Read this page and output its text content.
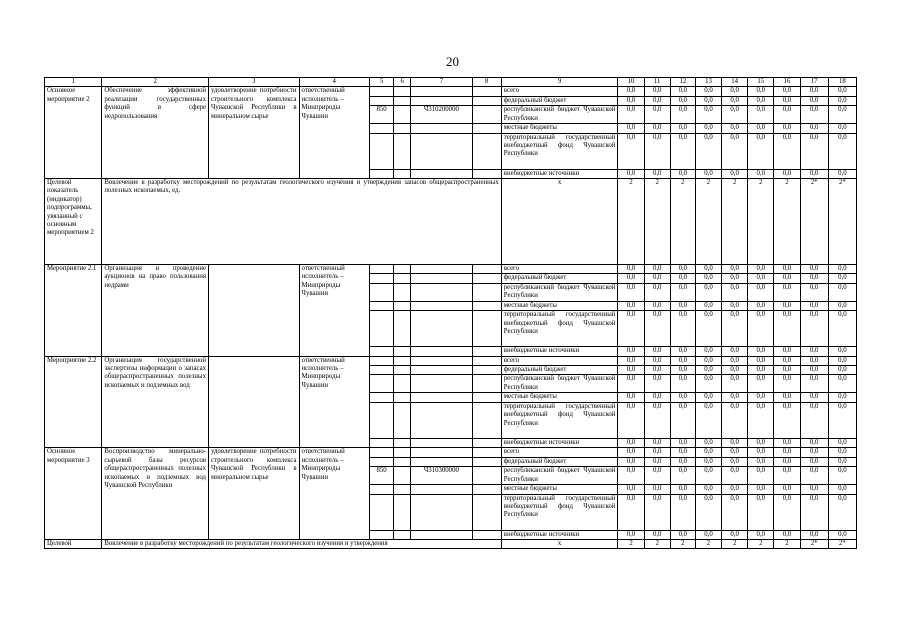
20
1	2	3	4	5	6	7	8	9	10	11	12	13	14	15	16	17	18
Основное мероприятие 2	Обеспечение эффективной реализации государственных функций в сфере недропользования	удовлетворение потребности строительного комплекса Чувашской Республики в минеральном сырье	ответственный исполнитель – Минприроды Чувашии					всего	0,0	0,0	0,0	0,0	0,0	0,0	0,0	0,0	0,0
								федеральный бюджет	0,0	0,0	0,0	0,0	0,0	0,0	0,0	0,0	0,0
				850		Ч310200000		республиканский бюджет Чувашской Республики	0,0	0,0	0,0	0,0	0,0	0,0	0,0	0,0	0,0
								местные бюджеты	0,0	0,0	0,0	0,0	0,0	0,0	0,0	0,0	0,0
								территориальный государственный внебюджетный фонд Чувашской Республики	0,0	0,0	0,0	0,0	0,0	0,0	0,0	0,0	0,0
								внебюджетные источники	0,0	0,0	0,0	0,0	0,0	0,0	0,0	0,0	0,0
Целевой показатель (индикатор) подпрограммы, увязанный с основным мероприятием 2	Вовлечение в разработку месторождений по результатам геологического изучения и утверждения запасов общераспространенных полезных ископаемых, ед.							x	2	2	2	2	2	2	2	2*	2*
Мероприятие 2.1	Организация и проведение аукционов на право пользования недрами		ответственный исполнитель – Минприроды Чувашии					всего	0,0	0,0	0,0	0,0	0,0	0,0	0,0	0,0	0,0
								федеральный бюджет	0,0	0,0	0,0	0,0	0,0	0,0	0,0	0,0	0,0
								республиканский бюджет Чувашской Республики	0,0	0,0	0,0	0,0	0,0	0,0	0,0	0,0	0,0
								местные бюджеты	0,0	0,0	0,0	0,0	0,0	0,0	0,0	0,0	0,0
								территориальный государственный внебюджетный фонд Чувашской Республики	0,0	0,0	0,0	0,0	0,0	0,0	0,0	0,0	0,0
								внебюджетные источники	0,0	0,0	0,0	0,0	0,0	0,0	0,0	0,0	0,0
Мероприятие 2.2	Организация государственной экспертизы информации о запасах общераспространенных полезных ископаемых и подземных вод		ответственный исполнитель – Минприроды Чувашии					всего	0,0	0,0	0,0	0,0	0,0	0,0	0,0	0,0	0,0
								федеральный бюджет	0,0	0,0	0,0	0,0	0,0	0,0	0,0	0,0	0,0
								республиканский бюджет Чувашской Республики	0,0	0,0	0,0	0,0	0,0	0,0	0,0	0,0	0,0
								местные бюджеты	0,0	0,0	0,0	0,0	0,0	0,0	0,0	0,0	0,0
								территориальный государственный внебюджетный фонд Чувашской Республики	0,0	0,0	0,0	0,0	0,0	0,0	0,0	0,0	0,0
								внебюджетные источники	0,0	0,0	0,0	0,0	0,0	0,0	0,0	0,0	0,0
Основное мероприятие 3	Воспроизводство минерально-сырьевой базы ресурсов общераспространенных полезных ископаемых и подземных вод Чувашской Республики	удовлетворение потребности строительного комплекса Чувашской Республики в минеральном сырье	ответственный исполнитель – Минприроды Чувашии					всего	0,0	0,0	0,0	0,0	0,0	0,0	0,0	0,0	0,0
								федеральный бюджет	0,0	0,0	0,0	0,0	0,0	0,0	0,0	0,0	0,0
				850		Ч310300000		республиканский бюджет Чувашской Республики	0,0	0,0	0,0	0,0	0,0	0,0	0,0	0,0	0,0
								местные бюджеты	0,0	0,0	0,0	0,0	0,0	0,0	0,0	0,0	0,0
								территориальный государственный внебюджетный фонд Чувашской Республики	0,0	0,0	0,0	0,0	0,0	0,0	0,0	0,0	0,0
								внебюджетные источники	0,0	0,0	0,0	0,0	0,0	0,0	0,0	0,0	0,0
Целевой	Вовлечение в разработку месторождений по результатам геологического изучения и утверждения							x	2	2	2	2	2	2	2	2*	2*
